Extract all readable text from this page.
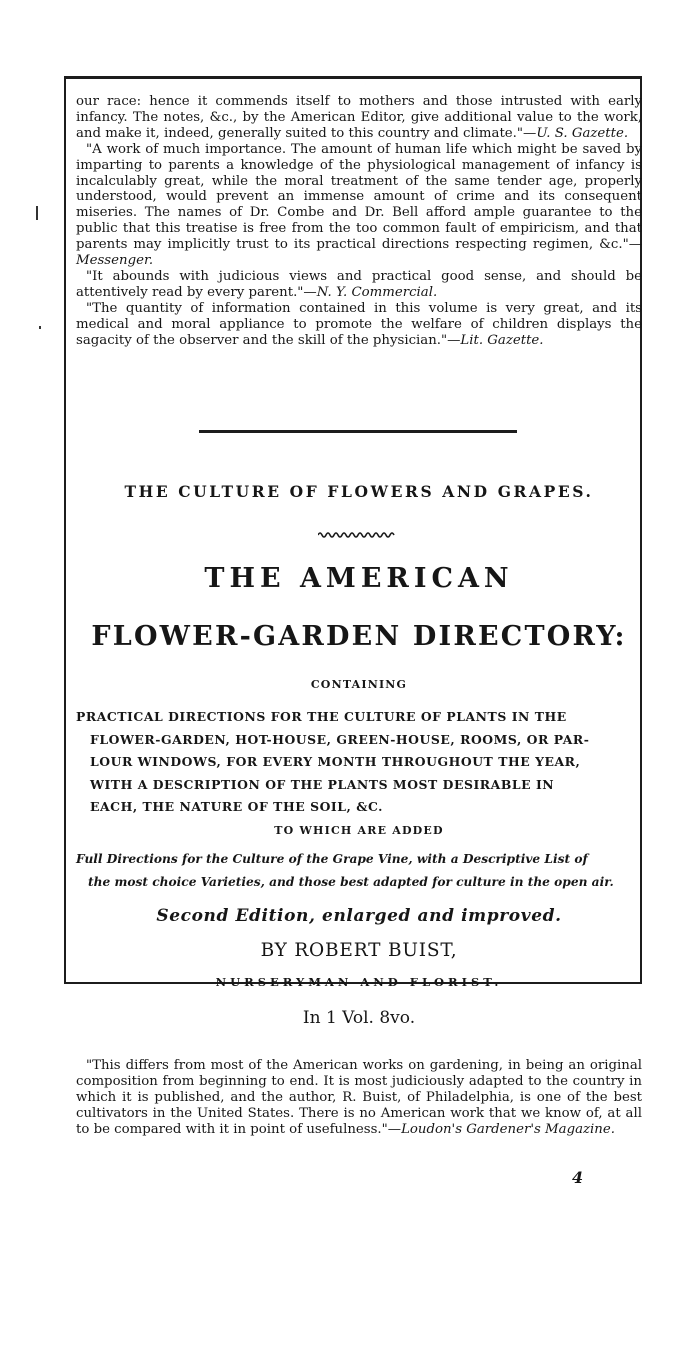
our race: hence it commends itself to mothers and those intrusted with early infancy. The notes, &c., by the American Editor, give additional value to the work, and make it, indeed, generally suited to this country and climate."—U. S. Gazette.

"A work of much importance. The amount of human life which might be saved by imparting to parents a knowledge of the physiological management of infancy is incalculably great, while the moral treatment of the same tender age, properly understood, would prevent an immense amount of crime and its consequent miseries. The names of Dr. Combe and Dr. Bell afford ample guarantee to the public that this treatise is free from the too common fault of empiricism, and that parents may implicitly trust to its practical directions respecting regimen, &c."—Messenger.

"It abounds with judicious views and practical good sense, and should be attentively read by every parent."—N. Y. Commercial.

"The quantity of information contained in this volume is very great, and its medical and moral appliance to promote the welfare of children displays the sagacity of the observer and the skill of the physician."—Lit. Gazette.

THE CULTURE OF FLOWERS AND GRAPES.
THE AMERICAN
FLOWER-GARDEN DIRECTORY:
CONTAINING
PRACTICAL DIRECTIONS FOR THE CULTURE OF PLANTS IN THE
FLOWER-GARDEN, HOT-HOUSE, GREEN-HOUSE, ROOMS, OR PAR-
LOUR WINDOWS, FOR EVERY MONTH THROUGHOUT THE YEAR,
WITH A DESCRIPTION OF THE PLANTS MOST DESIRABLE IN
EACH, THE NATURE OF THE SOIL, &C.
TO WHICH ARE ADDED
Full Directions for the Culture of the Grape Vine, with a Descriptive List of
the most choice Varieties, and those best adapted for culture in the open air.
Second Edition, enlarged and improved.
BY ROBERT BUIST,
NURSERYMAN AND FLORIST.
In 1 Vol. 8vo.

"This differs from most of the American works on gardening, in being an original composition from beginning to end. It is most judiciously adapted to the country in which it is published, and the author, R. Buist, of Philadelphia, is one of the best cultivators in the United States. There is no American work that we know of, at all to be compared with it in point of usefulness."—Loudon's Gardener's Magazine.

4
